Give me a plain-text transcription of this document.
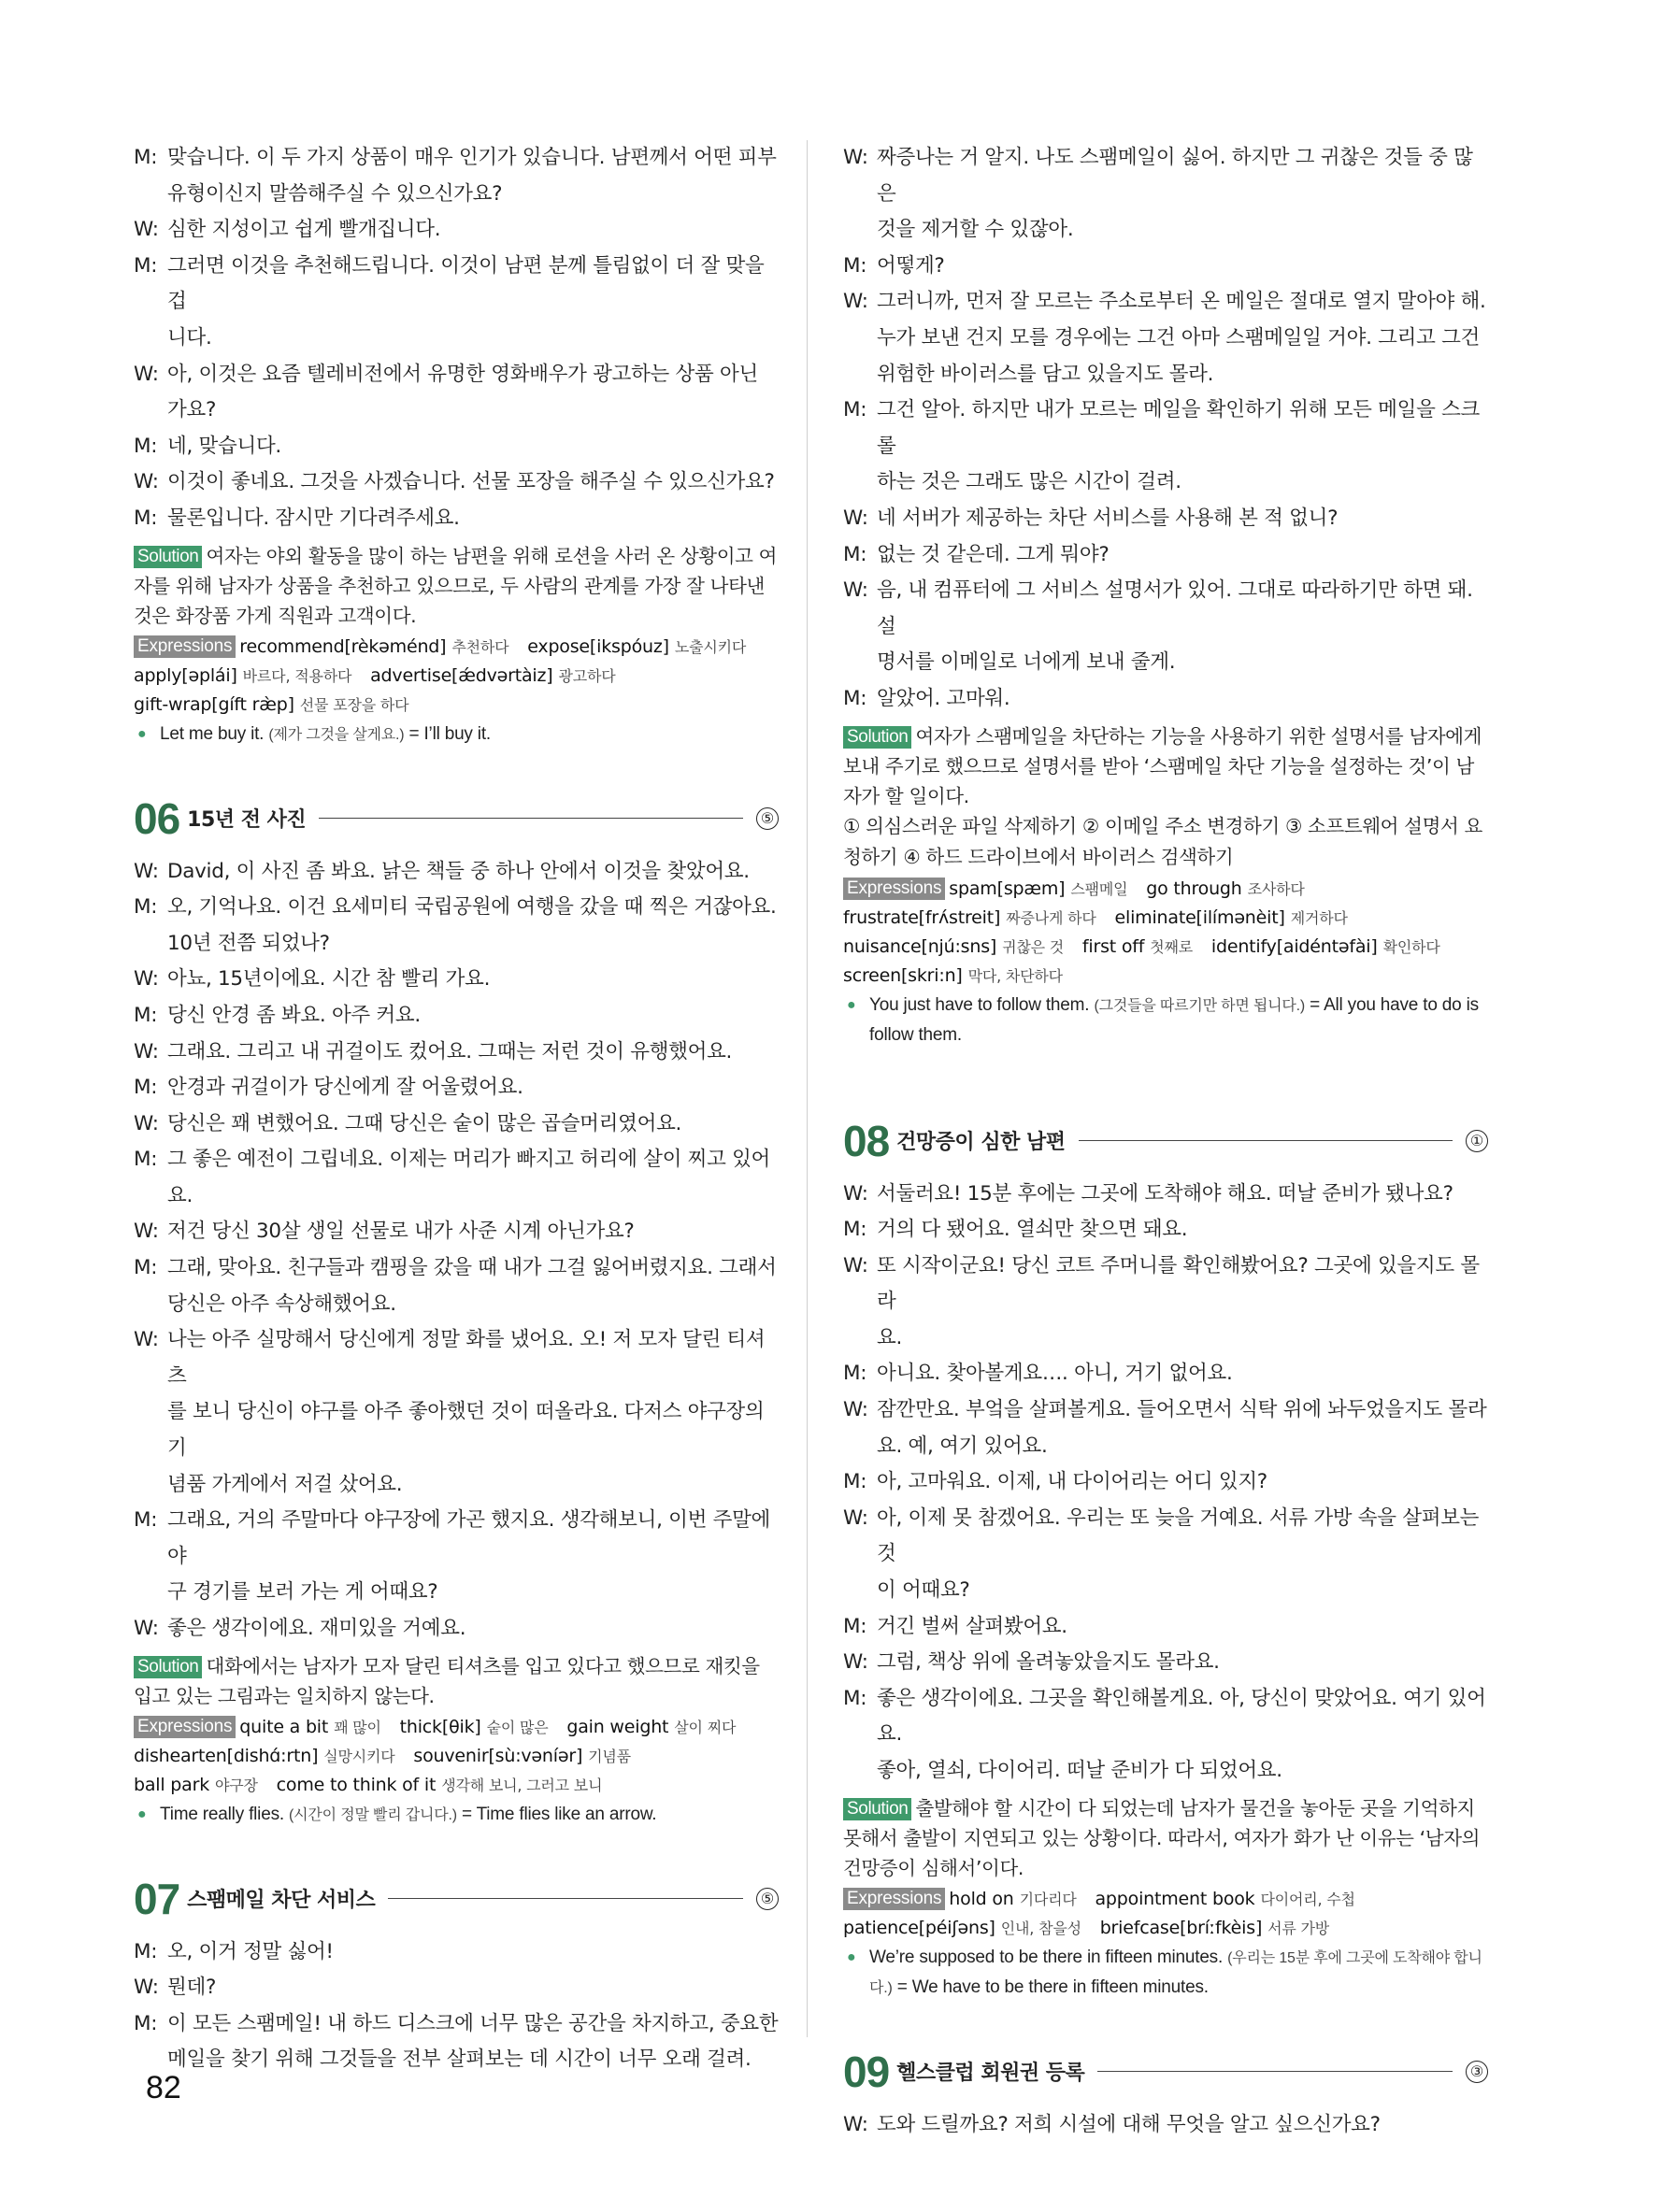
M: 맞습니다. 이 두 가지 상품이 매우 인기가 있습니다. 남편께서 어떤 피부
유형이신지 말씀해주실 수 있으신가요?
W: 심한 지성이고 쉽게 빨개집니다.
M: 그러면 이것을 추천해드립니다. 이것이 남편 분께 틀림없이 더 잘 맞을 겁
니다.
W: 아, 이것은 요즘 텔레비전에서 유명한 영화배우가 광고하는 상품 아닌
가요?
M: 네, 맞습니다.
W: 이것이 좋네요. 그것을 사겠습니다. 선물 포장을 해주실 수 있으신가요?
M: 물론입니다. 잠시만 기다려주세요.
Solution 여자는 야외 활동을 많이 하는 남편을 위해 로션을 사러 온 상황이고 여자를 위해 남자가 상품을 추천하고 있으므로, 두 사람의 관계를 가장 잘 나타낸 것은 화장품 가게 직원과 고객이다.
Expressions recommend[rèkəménd] 추천하다 expose[ikspóuz] 노출시키다 apply[əplái] 바르다, 적용하다 advertise[ǽdvərtàiz] 광고하다 gift-wrap[gíft ræ̀p] 선물 포장을 하다
● Let me buy it. (제가 그것을 살게요.) = I’ll buy it.
06 15년 전 사진	⑤
W: David, 이 사진 좀 봐요. 낡은 책들 중 하나 안에서 이것을 찾았어요.
M: 오, 기억나요. 이건 요세미티 국립공원에 여행을 갔을 때 찍은 거잖아요.
10년 전쯤 되었나?
W: 아뇨, 15년이에요. 시간 참 빨리 가요.
M: 당신 안경 좀 봐요. 아주 커요.
W: 그래요. 그리고 내 귀걸이도 컸어요. 그때는 저런 것이 유행했어요.
M: 안경과 귀걸이가 당신에게 잘 어울렸어요.
W: 당신은 꽤 변했어요. 그때 당신은 숱이 많은 곱슬머리였어요.
M: 그 좋은 예전이 그립네요. 이제는 머리가 빠지고 허리에 살이 찌고 있어요.
W: 저건 당신 30살 생일 선물로 내가 사준 시계 아닌가요?
M: 그래, 맞아요. 친구들과 캠핑을 갔을 때 내가 그걸 잃어버렸지요. 그래서
당신은 아주 속상해했어요.
W: 나는 아주 실망해서 당신에게 정말 화를 냈어요. 오! 저 모자 달린 티셔츠
를 보니 당신이 야구를 아주 좋아했던 것이 떠올라요. 다저스 야구장의 기
념품 가게에서 저걸 샀어요.
M: 그래요, 거의 주말마다 야구장에 가곤 했지요. 생각해보니, 이번 주말에 야
구 경기를 보러 가는 게 어때요?
W: 좋은 생각이에요. 재미있을 거예요.
Solution 대화에서는 남자가 모자 달린 티셔츠를 입고 있다고 했으므로 재킷을 입고 있는 그림과는 일치하지 않는다.
Expressions quite a bit 꽤 많이 thick[θik] 숱이 많은 gain weight 살이 찌다 dishearten[dishɑ́:rtn] 실망시키다 souvenir[sù:vəníər] 기념품 ball park 야구장 come to think of it 생각해 보니, 그러고 보니
● Time really flies. (시간이 정말 빨리 갑니다.) = Time flies like an arrow.
07 스팸메일 차단 서비스	⑤
M: 오, 이거 정말 싫어!
W: 뭔데?
M: 이 모든 스팸메일! 내 하드 디스크에 너무 많은 공간을 차지하고, 중요한
메일을 찾기 위해 그것들을 전부 살펴보는 데 시간이 너무 오래 걸려.
W: 짜증나는 거 알지. 나도 스팸메일이 싫어. 하지만 그 귀찮은 것들 중 많은
것을 제거할 수 있잖아.
M: 어떻게?
W: 그러니까, 먼저 잘 모르는 주소로부터 온 메일은 절대로 열지 말아야 해.
누가 보낸 건지 모를 경우에는 그건 아마 스팸메일일 거야. 그리고 그건
위험한 바이러스를 담고 있을지도 몰라.
M: 그건 알아. 하지만 내가 모르는 메일을 확인하기 위해 모든 메일을 스크롤
하는 것은 그래도 많은 시간이 걸려.
W: 네 서버가 제공하는 차단 서비스를 사용해 본 적 없니?
M: 없는 것 같은데. 그게 뭐야?
W: 음, 내 컴퓨터에 그 서비스 설명서가 있어. 그대로 따라하기만 하면 돼. 설
명서를 이메일로 너에게 보내 줄게.
M: 알았어. 고마워.
Solution 여자가 스팸메일을 차단하는 기능을 사용하기 위한 설명서를 남자에게 보내 주기로 했으므로 설명서를 받아 ‘스팸메일 차단 기능을 설정하는 것’이 남자가 할 일이다.
① 의심스러운 파일 삭제하기 ② 이메일 주소 변경하기 ③ 소프트웨어 설명서 요청하기 ④ 하드 드라이브에서 바이러스 검색하기
Expressions spam[spæm] 스팸메일 go through 조사하다 frustrate[frʌ́streit] 짜증나게 하다 eliminate[ilímənèit] 제거하다 nuisance[njú:sns] 귀찮은 것 first off 첫째로 identify[aidéntəfài] 확인하다 screen[skri:n] 막다, 차단하다
● You just have to follow them. (그것들을 따르기만 하면 됩니다.) = All you have to do is follow them.
08 건망증이 심한 남편	①
W: 서둘러요! 15분 후에는 그곳에 도착해야 해요. 떠날 준비가 됐나요?
M: 거의 다 됐어요. 열쇠만 찾으면 돼요.
W: 또 시작이군요! 당신 코트 주머니를 확인해봤어요? 그곳에 있을지도 몰라
요.
M: 아니요. 찾아볼게요…. 아니, 거기 없어요.
W: 잠깐만요. 부엌을 살펴볼게요. 들어오면서 식탁 위에 놔두었을지도 몰라
요. 예, 여기 있어요.
M: 아, 고마워요. 이제, 내 다이어리는 어디 있지?
W: 아, 이제 못 참겠어요. 우리는 또 늦을 거예요. 서류 가방 속을 살펴보는 것
이 어때요?
M: 거긴 벌써 살펴봤어요.
W: 그럼, 책상 위에 올려놓았을지도 몰라요.
M: 좋은 생각이에요. 그곳을 확인해볼게요. 아, 당신이 맞았어요. 여기 있어요.
좋아, 열쇠, 다이어리. 떠날 준비가 다 되었어요.
Solution 출발해야 할 시간이 다 되었는데 남자가 물건을 놓아둔 곳을 기억하지 못해서 출발이 지연되고 있는 상황이다. 따라서, 여자가 화가 난 이유는 ‘남자의 건망증이 심해서’이다.
Expressions hold on 기다리다 appointment book 다이어리, 수첩 patience[péiʃəns] 인내, 참을성 briefcase[bríːfkèis] 서류 가방
● We’re supposed to be there in fifteen minutes. (우리는 15분 후에 그곳에 도착해야 합니다.) = We have to be there in fifteen minutes.
09 헬스클럽 회원권 등록	③
W: 도와 드릴까요? 저희 시설에 대해 무엇을 알고 싶으신가요?
82
